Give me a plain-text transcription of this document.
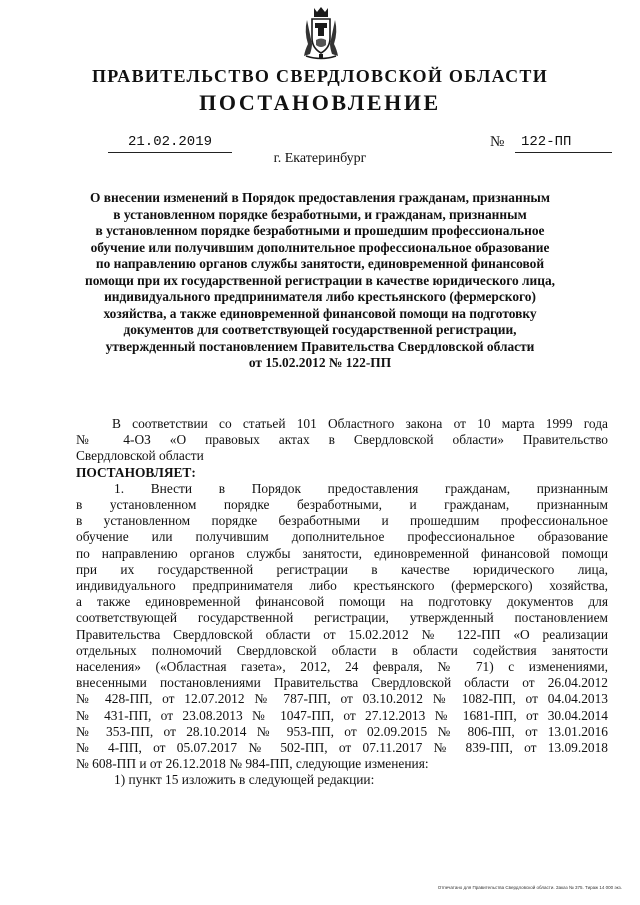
ПРАВИТЕЛЬСТВО СВЕРДЛОВСКОЙ ОБЛАСТИ
ПОСТАНОВЛЕНИЕ
21.02.2019	№	122-ПП
г. Екатеринбург
О внесении изменений в Порядок предоставления гражданам, признанным
в установленном порядке безработными, и гражданам, признанным
в установленном порядке безработными и прошедшим профессиональное
обучение или получившим дополнительное профессиональное образование
по направлению органов службы занятости, единовременной финансовой
помощи при их государственной регистрации в качестве юридического лица,
индивидуального предпринимателя либо крестьянского (фермерского)
хозяйства, а также единовременной финансовой помощи на подготовку
документов для соответствующей государственной регистрации,
утвержденный постановлением Правительства Свердловской области
от 15.02.2012 № 122-ПП
В соответствии со статьей 101 Областного закона от 10 марта 1999 года
№ 4-ОЗ «О правовых актах в Свердловской области» Правительство
Свердловской области
ПОСТАНОВЛЯЕТ:
1. Внести в Порядок предоставления гражданам, признанным
в установленном порядке безработными, и гражданам, признанным
в установленном порядке безработными и прошедшим профессиональное
обучение или получившим дополнительное профессиональное образование
по направлению органов службы занятости, единовременной финансовой помощи
при их государственной регистрации в качестве юридического лица,
индивидуального предпринимателя либо крестьянского (фермерского) хозяйства,
а также единовременной финансовой помощи на подготовку документов для
соответствующей государственной регистрации, утвержденный постановлением
Правительства Свердловской области от 15.02.2012 № 122-ПП «О реализации
отдельных полномочий Свердловской области в области содействия занятости
населения» («Областная газета», 2012, 24 февраля, № 71) с изменениями,
внесенными постановлениями Правительства Свердловской области от 26.04.2012
№ 428-ПП, от 12.07.2012 № 787-ПП, от 03.10.2012 № 1082-ПП, от 04.04.2013
№ 431-ПП, от 23.08.2013 № 1047-ПП, от 27.12.2013 № 1681-ПП, от 30.04.2014
№ 353-ПП, от 28.10.2014 № 953-ПП, от 02.09.2015 № 806-ПП, от 13.01.2016
№ 4-ПП, от 05.07.2017 № 502-ПП, от 07.11.2017 № 839-ПП, от 13.09.2018
№ 608-ПП и от 26.12.2018 № 984-ПП, следующие изменения:
1) пункт 15 изложить в следующей редакции:
Отпечатано для Правительства Свердловской области. Заказ № 375. Тираж 14 000 экз.
